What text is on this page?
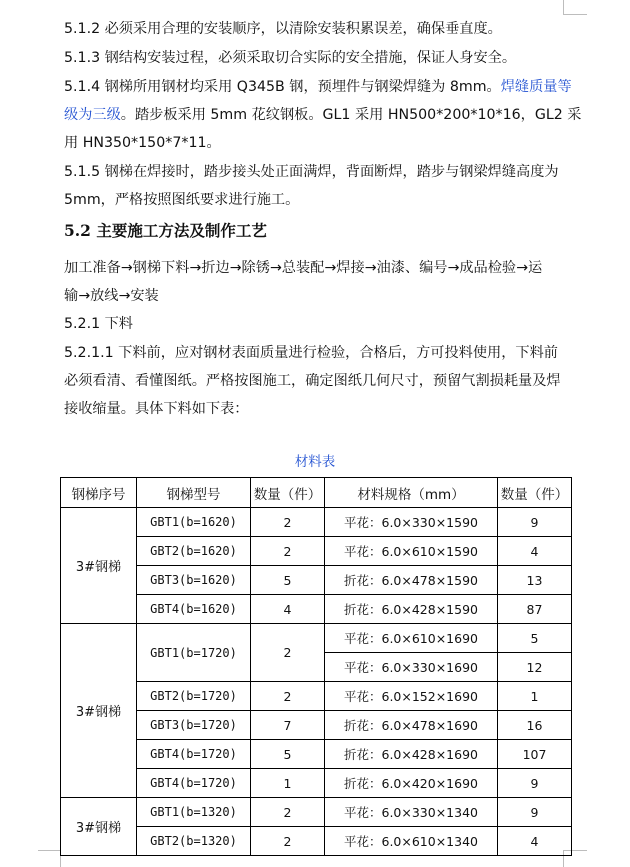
5.1.2 必须采用合理的安装顺序，以清除安装积累误差，确保垂直度。

5.1.3 钢结构安装过程，必须采取切合实际的安全措施，保证人身安全。

5.1.4 钢梯所用钢材均采用 Q345B 钢，预埋件与钢梁焊缝为 8mm。焊缝质量等

级为三级。踏步板采用 5mm 花纹钢板。GL1 采用 HN500*200*10*16，GL2 采

用 HN350*150*7*11。

5.1.5 钢梯在焊接时，踏步接头处正面满焊，背面断焊，踏步与钢梁焊缝高度为

5mm，严格按照图纸要求进行施工。

5.2 主要施工方法及制作工艺

加工准备→钢梯下料→折边→除锈→总装配→焊接→油漆、编号→成品检验→运

输→放线→安装

5.2.1 下料

5.2.1.1 下料前，应对钢材表面质量进行检验，合格后，方可投料使用，下料前

必须看清、看懂图纸。严格按图施工，确定图纸几何尺寸，预留气割损耗量及焊

接收缩量。具体下料如下表：

材料表
钢梯序号	钢梯型号	数量（件）	材料规格（mm）	数量（件）
3#钢梯	GBT1(b=1620)	2	平花：6.0×330×1590	9
	GBT2(b=1620)	2	平花：6.0×610×1590	4
	GBT3(b=1620)	5	折花：6.0×478×1590	13
	GBT4(b=1620)	4	折花：6.0×428×1590	87
3#钢梯	GBT1(b=1720)	2	平花：6.0×610×1690	5
			平花：6.0×330×1690	12
	GBT2(b=1720)	2	平花：6.0×152×1690	1
	GBT3(b=1720)	7	折花：6.0×478×1690	16
	GBT4(b=1720)	5	折花：6.0×428×1690	107
	GBT4(b=1720)	1	折花：6.0×420×1690	9
3#钢梯	GBT1(b=1320)	2	平花：6.0×330×1340	9
	GBT2(b=1320)	2	平花：6.0×610×1340	4
